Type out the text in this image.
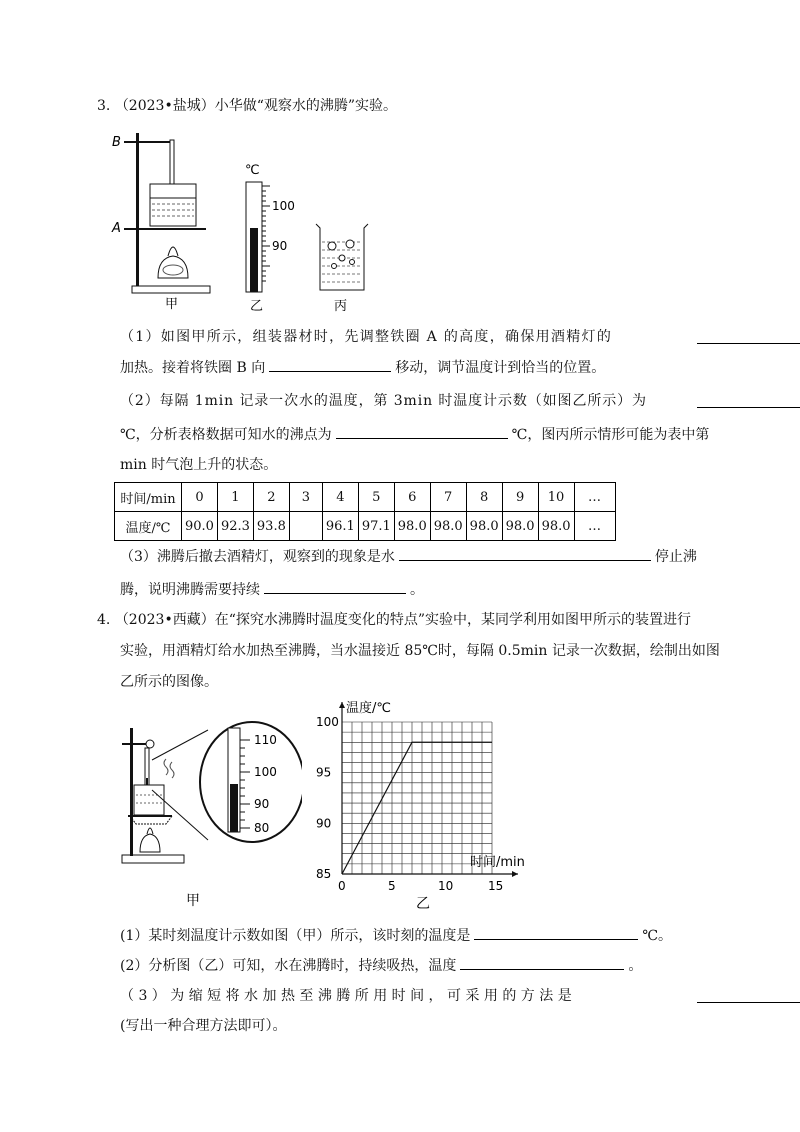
3. （2023•盐城）小华做“观察水的沸腾”实验。
B
A
甲
℃
100
90
乙	丙
（1）如图甲所示，组装器材时，先调整铁圈 A 的高度，确保用酒精灯的
加热。接着将铁圈 B 向	移动，调节温度计到恰当的位置。
（2）每隔 1min 记录一次水的温度，第 3min 时温度计示数（如图乙所示）为
℃，分析表格数据可知水的沸点为	℃，图丙所示情形可能为表中第
min 时气泡上升的状态。
时间/min	0	1	2	3	4	5	6	7	8	9	10	…
温度/℃	90.0	92.3	93.8		96.1	97.1	98.0	98.0	98.0	98.0	98.0	…
（3）沸腾后撤去酒精灯，观察到的现象是水	停止沸
腾，说明沸腾需要持续	。
4. （2023•西藏）在“探究水沸腾时温度变化的特点”实验中，某同学利用如图甲所示的装置进行
实验，用酒精灯给水加热至沸腾，当水温接近 85℃时，每隔 0.5min 记录一次数据，绘制出如图
乙所示的图像。
110
100
90
80
甲
0	5	10	15
85
90
95
100
温度/℃
时间/min
乙
(1）某时刻温度计示数如图（甲）所示，该时刻的温度是	℃。
(2）分析图（乙）可知，水在沸腾时，持续吸热，温度	。
（ 3 ） 为 缩 短 将 水 加 热 至 沸 腾 所 用 时 间 ， 可 采 用 的 方 法 是
(写出一种合理方法即可）。
